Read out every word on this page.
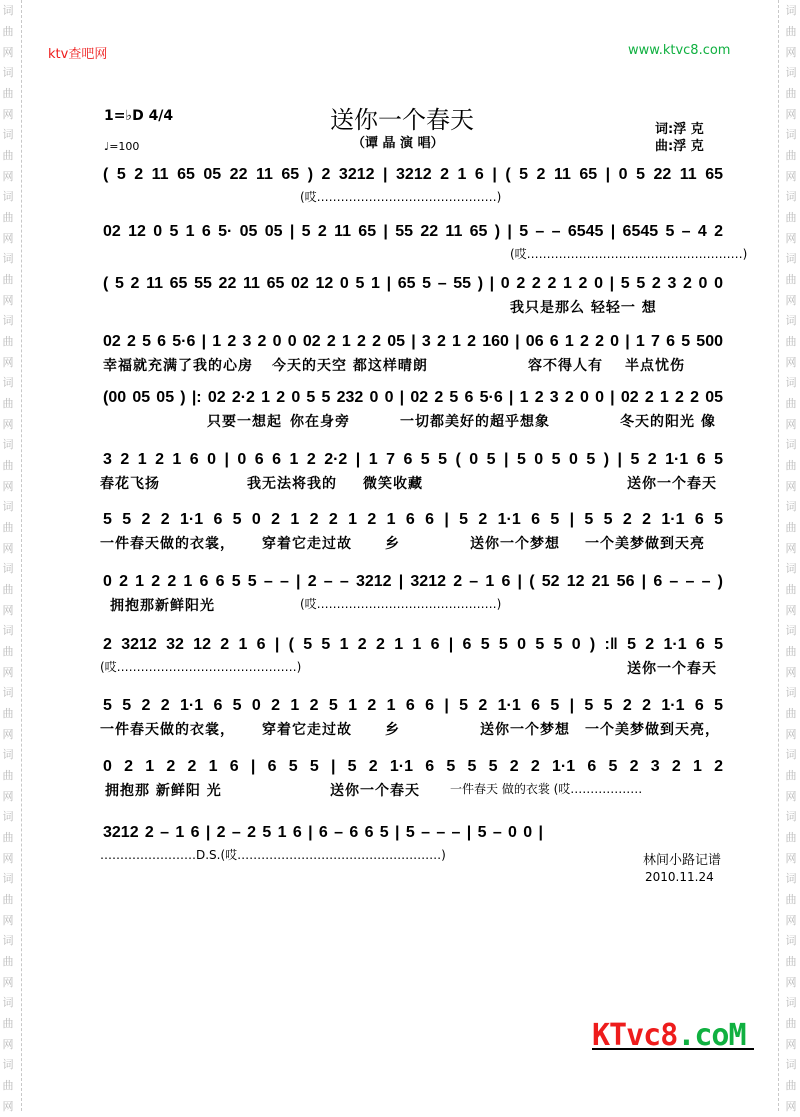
词
曲
网
词
曲
网
词
曲
网
词
曲
网
词
曲
网
词
曲
网
词
曲
网
词
曲
网
词
曲
网
词
曲
网
词
曲
网
词
曲
网
词
曲
网
词
曲
网
词
曲
网
词
曲
网
词
曲
网
词
曲
网
词
曲
网
词
曲
网
词
曲
网
词
曲
网
词
曲
网
词
曲
网
词
曲
网
词
曲
网
词
曲
网
词
曲
网
词
曲
网
词
曲
网
词
曲
网
词
曲
网
词
曲
网
词
曲
网
词
曲
网
词
曲
网
ktv查吧网	www.ktvc8.com
1=♭D 4/4
♩=100
送你一个春天
（谭 晶 演 唱）
词:浮 克
曲:浮 克
( 5 2 11 65 05 22 11 65 ) 2 3212 | 3212 2 1 6 | ( 5 2 11 65 | 0 5 22 11 65
02 12 0 5 1 6 5· 05 05 | 5 2 11 65 | 55 22 11 65 ) | 5 – – 6545 | 6545 5 – 4 2
( 5 2 11 65 55 22 11 65 02 12 0 5 1 | 65 5 – 55 ) | 0 2 2 2 1 2 0 | 5 5 2 3 2 0 0
02 2 5 6 5·6 | 1 2 3 2 0 0 02 2 1 2 2 05 | 3 2 1 2 160 | 06 6 1 2 2 0 | 1 7 6 5 500
(00 05 05 ) |: 02 2·2 1 2 0 5 5 232 0 0 | 02 2 5 6 5·6 | 1 2 3 2 0 0 | 02 2 1 2 2 05
3 2 1 2 1 6 0 | 0 6 6 1 2 2·2 | 1 7 6 5 5 ( 0 5 | 5 0 5 0 5 ) | 5 2 1·1 6 5
5 5 2 2 1·1 6 5 0 2 1 2 2 1 2 1 6 6 | 5 2 1·1 6 5 | 5 5 2 2 1·1 6 5
0 2 1 2 2 1 6 6 5 5 – – | 2 – – 3212 | 3212 2 – 1 6 | ( 52 12 21 56 | 6 – – – )
2 3212 32 12 2 1 6 | ( 5 5 1 2 2 1 1 6 | 6 5 5 0 5 5 0 ) :‖ 5 2 1·1 6 5
5 5 2 2 1·1 6 5 0 2 1 2 5 1 2 1 6 6 | 5 2 1·1 6 5 | 5 5 2 2 1·1 6 5
0 2 1 2 2 1 6 | 6 5 5 | 5 2 1·1 6 5 5 5 2 2 1·1 6 5 2 3 2 1 2
3212 2 – 1 6 | 2 – 2 5 1 6 | 6 – 6 6 5 | 5 – – – | 5 – 0 0 |
(哎………………………………………)
(哎………………………………………………)
我只是那么 轻轻一 想
幸福就充满了我的心房 今天的天空 都这样晴朗	容不得人有 半点忧伤
只要一想起 你在身旁	一切都美好的超乎想象	冬天的阳光 像
春花飞扬	我无法将我的 微笑收藏	送你一个春天
一件春天做的衣裳， 穿着它走过故 乡	送你一个梦想 一个美梦做到天亮
拥抱那新鲜阳光	(哎………………………………………)
(哎………………………………………)	送你一个春天
一件春天做的衣裳， 穿着它走过故 乡	送你一个梦想 一个美梦做到天亮，
拥抱那 新鲜阳 光	送你一个春天	一件春天 做的衣裳 (哎………………
……………………D.S.(哎……………………………………………)	林间小路记谱
2010.11.24
KTvc8.coM
